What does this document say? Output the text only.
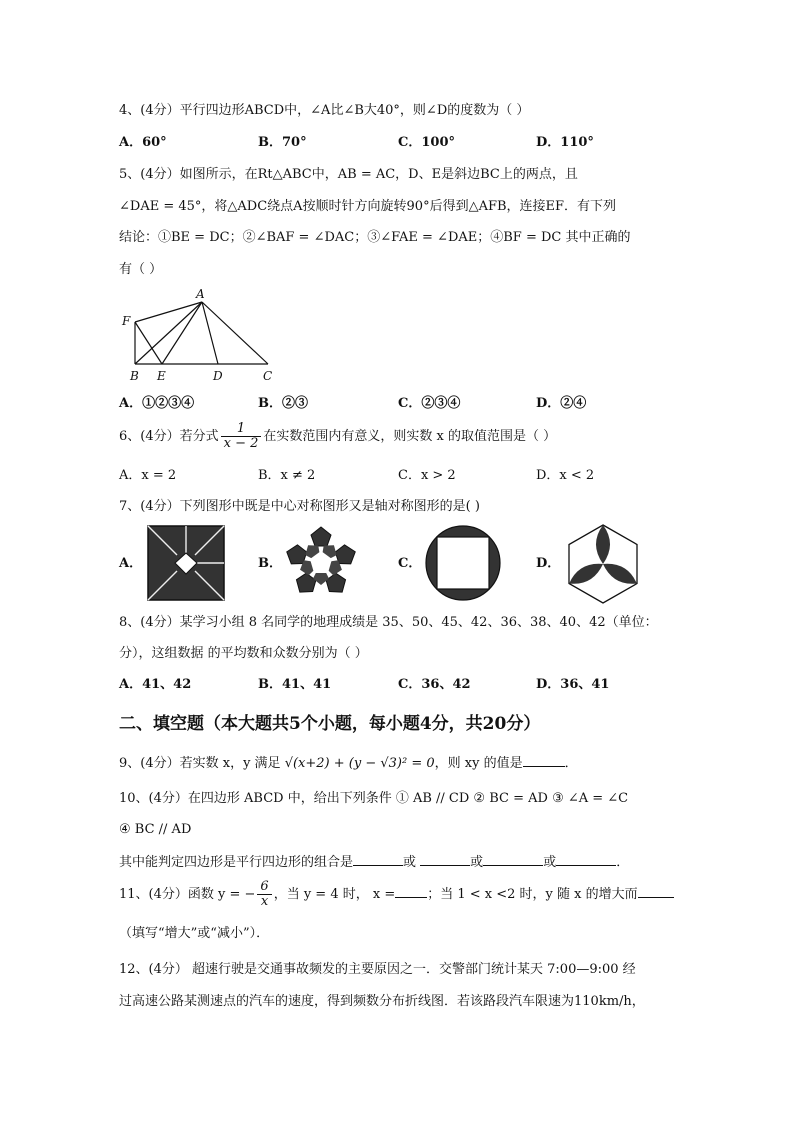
4、(4分）平行四边形ABCD中，∠A比∠B大40°，则∠D的度数为（ ）
A．60°	B．70°	C．100°	D．110°
5、(4分）如图所示，在Rt△ABC中，AB = AC，D、E是斜边BC上的两点，且
∠DAE = 45°，将△ADC绕点A按顺时针方向旋转90°后得到△AFB，连接EF．有下列
结论：①BE = DC；②∠BAF = ∠DAC；③∠FAE = ∠DAE；④BF = DC 其中正确的
有（ ）
A
F
B E	D	C
A．①②③④	B．②③	C．②③④	D．②④
6、(4分）若分式 $\frac{1}{x - 2}$ 在实数范围内有意义，则实数 x 的取值范围是（ ）
A．x = 2	B．x ≠ 2	C．x > 2	D．x < 2
7、(4分）下列图形中既是中心对称图形又是轴对称图形的是( )
A．	B．	C．	D．
8、(4分）某学习小组 8 名同学的地理成绩是 35、50、45、42、36、38、40、42（单位：
分），这组数据 的平均数和众数分别为（ ）
A．41、42	B．41、41	C．36、42	D．36、41
二、填空题（本大题共5个小题，每小题4分，共20分）
9、(4分）若实数 x，y 满足 √(x+2) + (y − √3)² = 0，则 xy 的值是	．
10、(4分）在四边形 ABCD 中，给出下列条件 ① AB // CD ② BC = AD ③ ∠A = ∠C
④ BC // AD
其中能判定四边形是平行四边形的组合是	或	或	或	．
11、(4分）函数 y = − $\frac{6}{x}$ ，当 y = 4 时， x = ；当 1 < x <2 时，y 随 x 的增大而
（填写“增大”或“减小”）．
12、(4分） 超速行驶是交通事故频发的主要原因之一．交警部门统计某天 7:00—9:00 经
过高速公路某测速点的汽车的速度，得到频数分布折线图．若该路段汽车限速为110km/h，
